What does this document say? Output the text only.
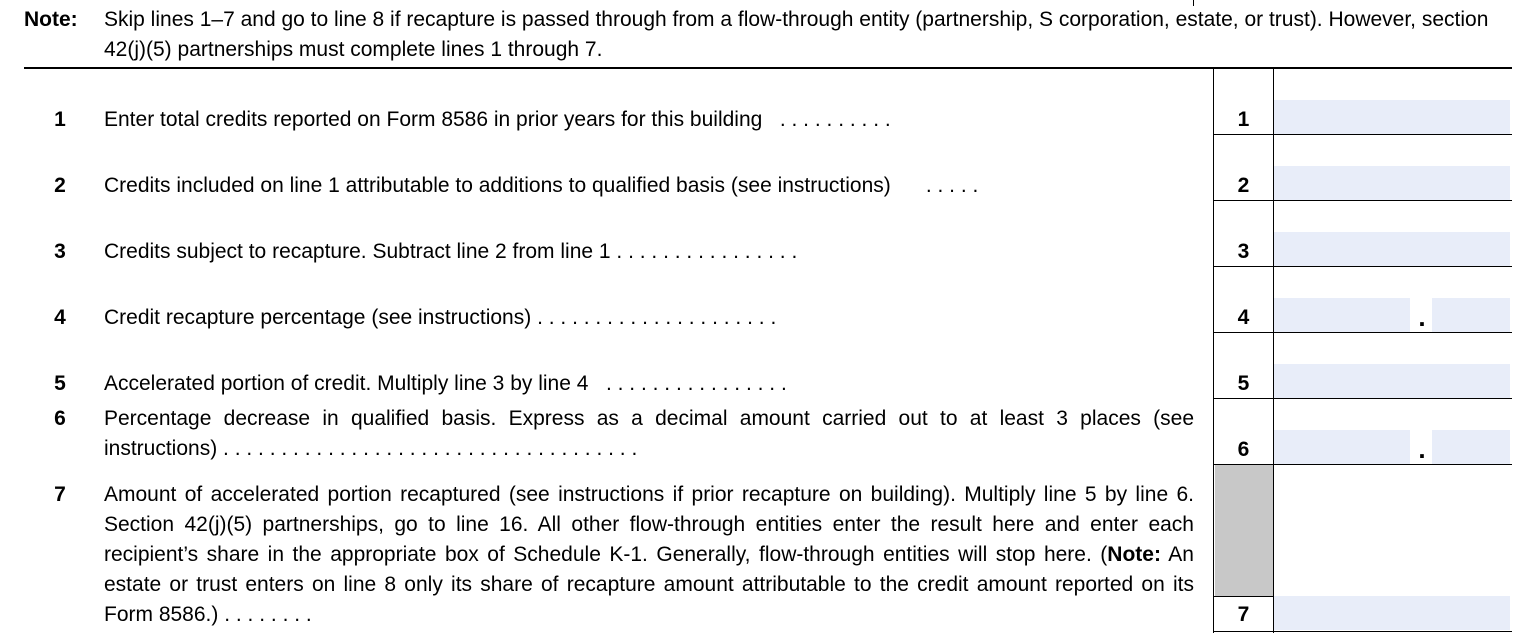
Note: Skip lines 1–7 and go to line 8 if recapture is passed through from a flow-through entity (partnership, S corporation, estate, or trust). However, section 42(j)(5) partnerships must complete lines 1 through 7.
1 Enter total credits reported on Form 8586 in prior years for this building . . . . . . . . . .	1
2 Credits included on line 1 attributable to additions to qualified basis (see instructions) . . . . .	2
3 Credits subject to recapture. Subtract line 2 from line 1 . . . . . . . . . . . . . . . .	3
4 Credit recapture percentage (see instructions) . . . . . . . . . . . . . . . . . . . . .	4	.
5 Accelerated portion of credit. Multiply line 3 by line 4 . . . . . . . . . . . . . . . .	5
6 Percentage decrease in qualified basis. Express as a decimal amount carried out to at least 3 places (see instructions) . . . . . . . . . . . . . . . . . . . . . . . . . . . . . . . . . . . .	6	.
7 Amount of accelerated portion recaptured (see instructions if prior recapture on building). Multiply line 5 by line 6. Section 42(j)(5) partnerships, go to line 16. All other flow-through entities enter the result here and enter each recipient’s share in the appropriate box of Schedule K-1. Generally, flow-through entities will stop here. (Note: An estate or trust enters on line 8 only its share of recapture amount attributable to the credit amount reported on its Form 8586.) . . . . . . . .	7
